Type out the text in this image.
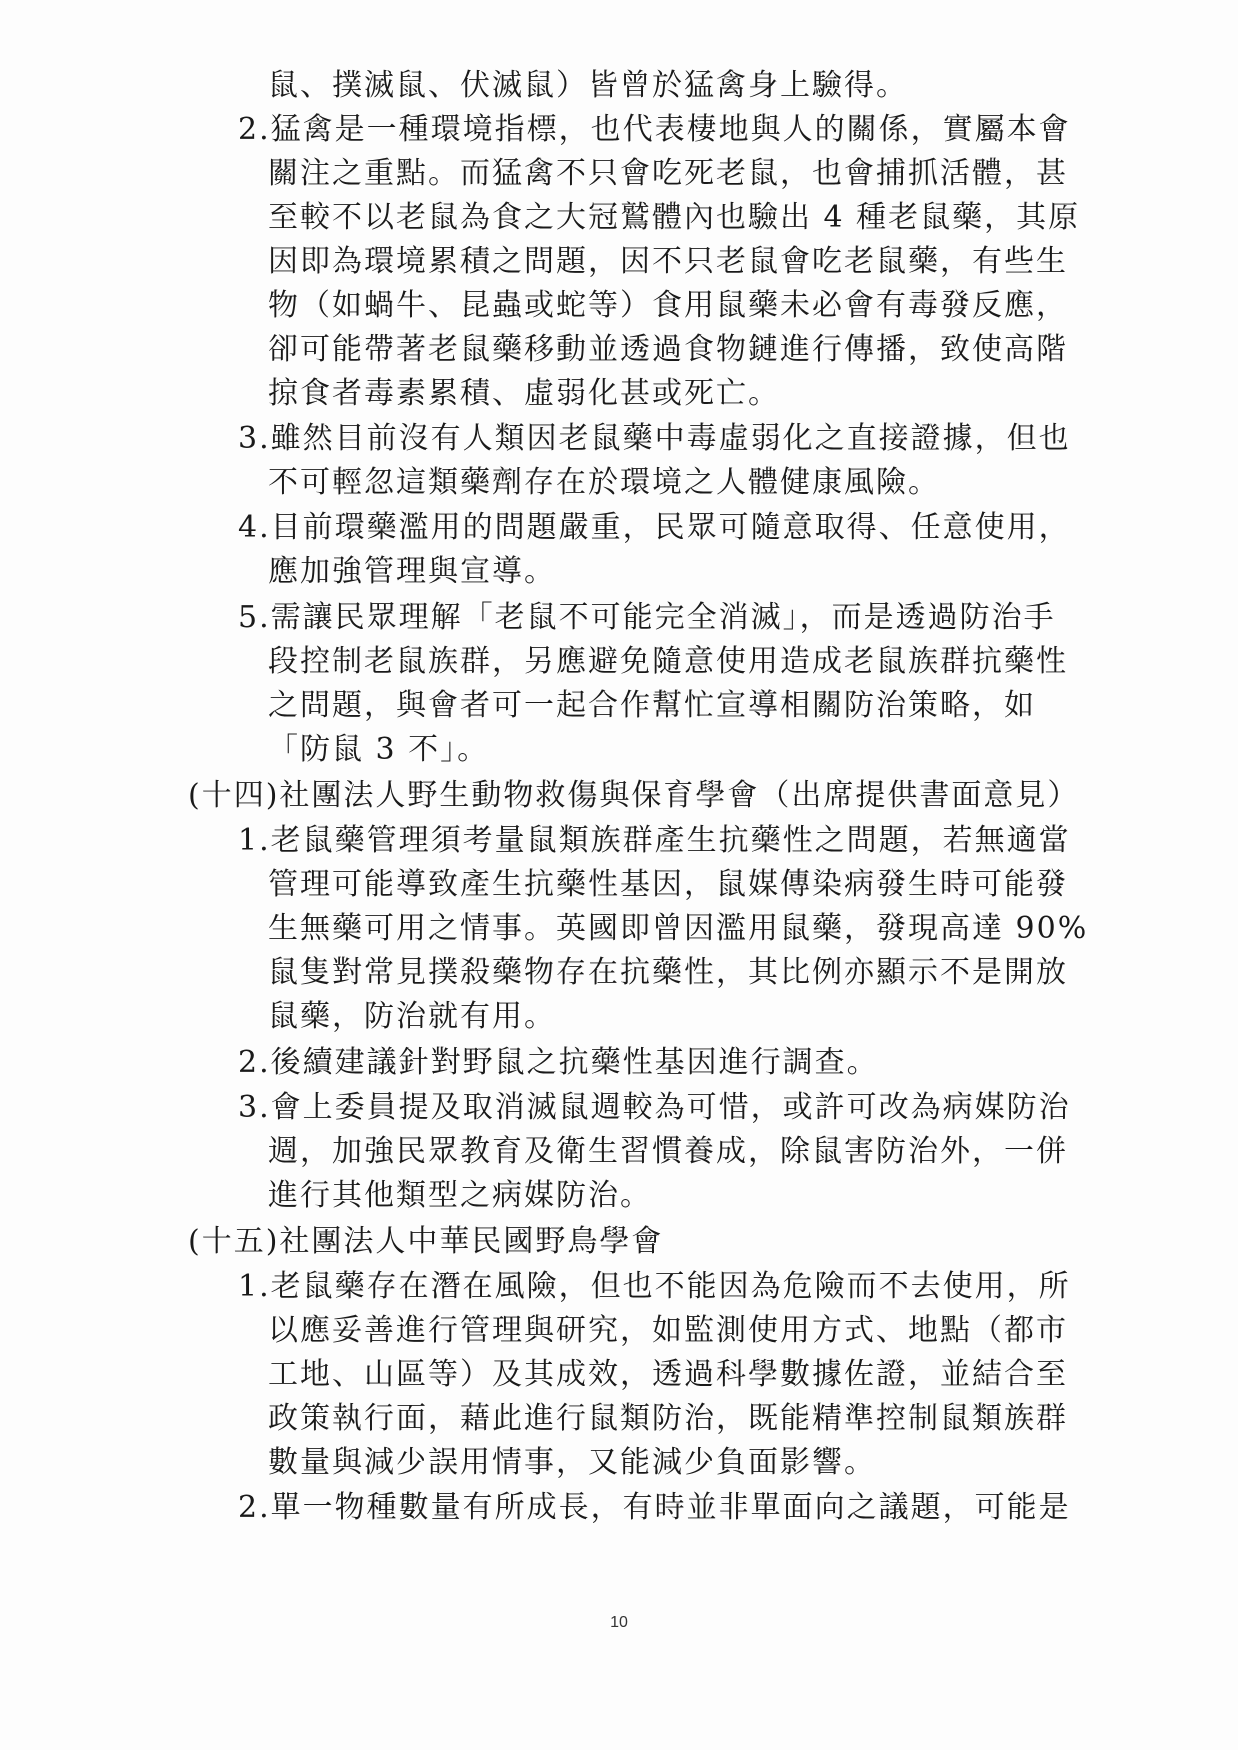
鼠、撲滅鼠、伏滅鼠）皆曾於猛禽身上驗得。
2.猛禽是一種環境指標，也代表棲地與人的關係，實屬本會
關注之重點。而猛禽不只會吃死老鼠，也會捕抓活體，甚
至較不以老鼠為食之大冠鷲體內也驗出 4 種老鼠藥，其原
因即為環境累積之問題，因不只老鼠會吃老鼠藥，有些生
物（如蝸牛、昆蟲或蛇等）食用鼠藥未必會有毒發反應，
卻可能帶著老鼠藥移動並透過食物鏈進行傳播，致使高階
掠食者毒素累積、虛弱化甚或死亡。
3.雖然目前沒有人類因老鼠藥中毒虛弱化之直接證據，但也
不可輕忽這類藥劑存在於環境之人體健康風險。
4.目前環藥濫用的問題嚴重，民眾可隨意取得、任意使用，
應加強管理與宣導。
5.需讓民眾理解「老鼠不可能完全消滅」，而是透過防治手
段控制老鼠族群，另應避免隨意使用造成老鼠族群抗藥性
之問題，與會者可一起合作幫忙宣導相關防治策略，如
「防鼠 3 不」。
(十四)社團法人野生動物救傷與保育學會（出席提供書面意見）
1.老鼠藥管理須考量鼠類族群產生抗藥性之問題，若無適當
管理可能導致產生抗藥性基因，鼠媒傳染病發生時可能發
生無藥可用之情事。英國即曾因濫用鼠藥，發現高達 90%
鼠隻對常見撲殺藥物存在抗藥性，其比例亦顯示不是開放
鼠藥，防治就有用。
2.後續建議針對野鼠之抗藥性基因進行調查。
3.會上委員提及取消滅鼠週較為可惜，或許可改為病媒防治
週，加強民眾教育及衛生習慣養成，除鼠害防治外，一併
進行其他類型之病媒防治。
(十五)社團法人中華民國野鳥學會
1.老鼠藥存在潛在風險，但也不能因為危險而不去使用，所
以應妥善進行管理與研究，如監測使用方式、地點（都市
工地、山區等）及其成效，透過科學數據佐證，並結合至
政策執行面，藉此進行鼠類防治，既能精準控制鼠類族群
數量與減少誤用情事，又能減少負面影響。
2.單一物種數量有所成長，有時並非單面向之議題，可能是
10
